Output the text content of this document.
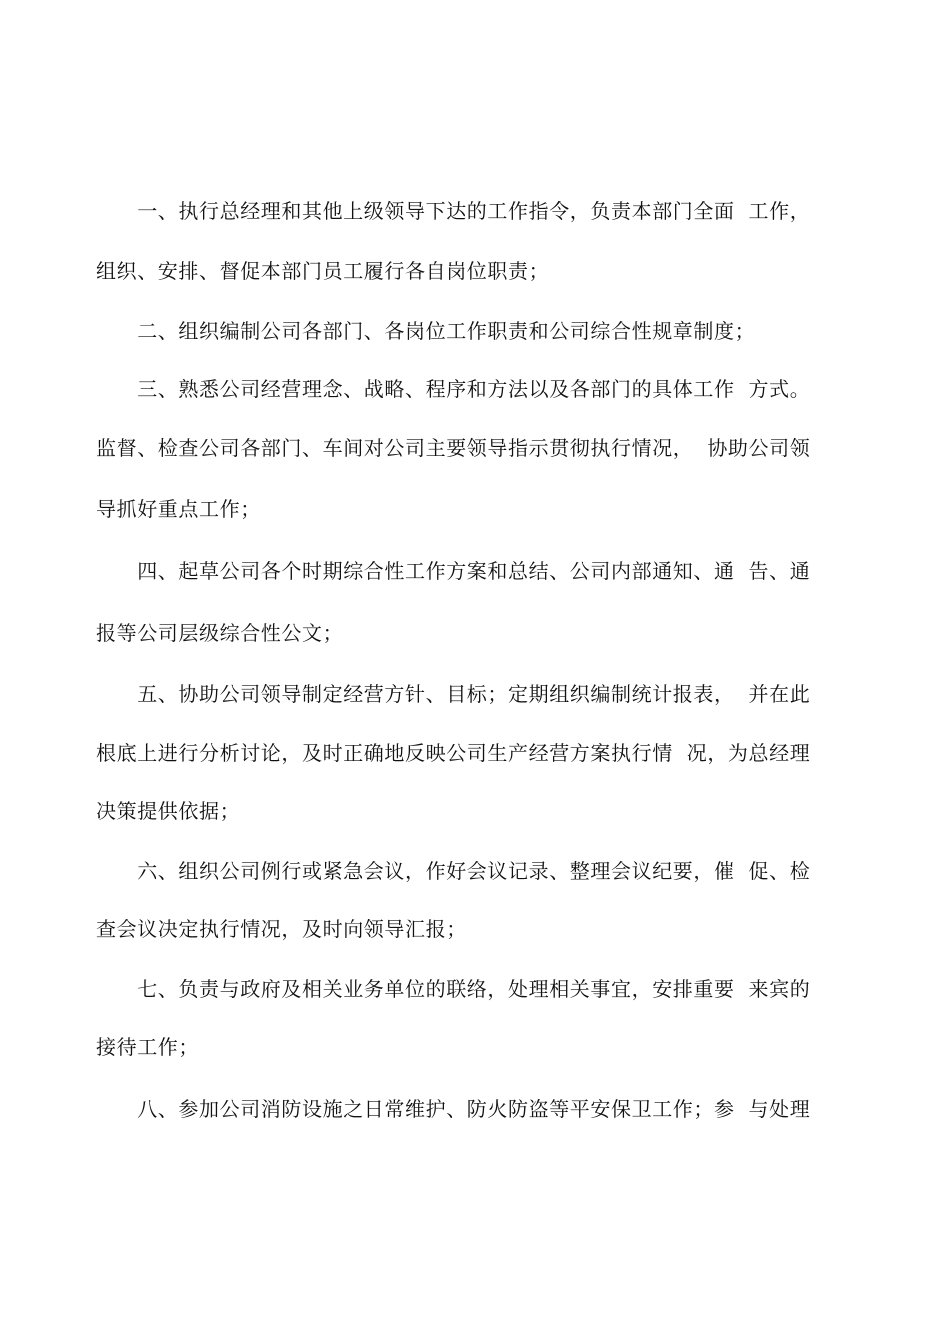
　　一、执行总经理和其他上级领导下达的工作指令，负责本部门全面  工作，
组织、安排、督促本部门员工履行各自岗位职责；
　　二、组织编制公司各部门、各岗位工作职责和公司综合性规章制度；
　　三、熟悉公司经营理念、战略、程序和方法以及各部门的具体工作  方式。
监督、检查公司各部门、车间对公司主要领导指示贯彻执行情况，  协助公司领
导抓好重点工作；
　　四、起草公司各个时期综合性工作方案和总结、公司内部通知、通  告、通
报等公司层级综合性公文；
　　五、协助公司领导制定经营方针、目标；定期组织编制统计报表，  并在此
根底上进行分析讨论，及时正确地反映公司生产经营方案执行情  况，为总经理
决策提供依据；
　　六、组织公司例行或紧急会议，作好会议记录、整理会议纪要，催  促、检
查会议决定执行情况，及时向领导汇报；
　　七、负责与政府及相关业务单位的联络，处理相关事宜，安排重要  来宾的
接待工作；
　　八、参加公司消防设施之日常维护、防火防盗等平安保卫工作；参  与处理
